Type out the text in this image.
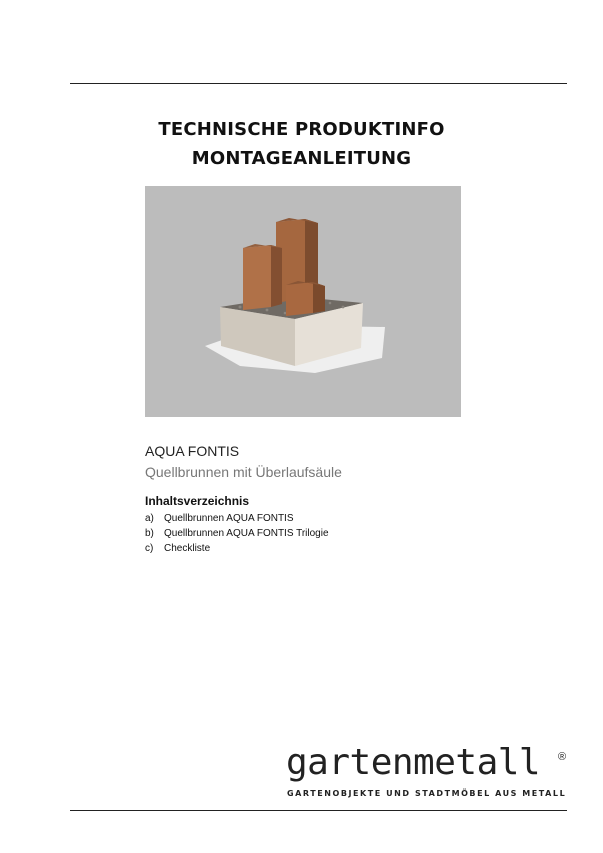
TECHNISCHE PRODUKTINFO
MONTAGEANLEITUNG
AQUA FONTIS
Quellbrunnen mit Überlaufsäule
Inhaltsverzeichnis
a) Quellbrunnen AQUA FONTIS
b) Quellbrunnen AQUA FONTIS Trilogie
c) Checkliste
gartenmetall ®
GARTENOBJEKTE UND STADTMÖBEL AUS METALL
